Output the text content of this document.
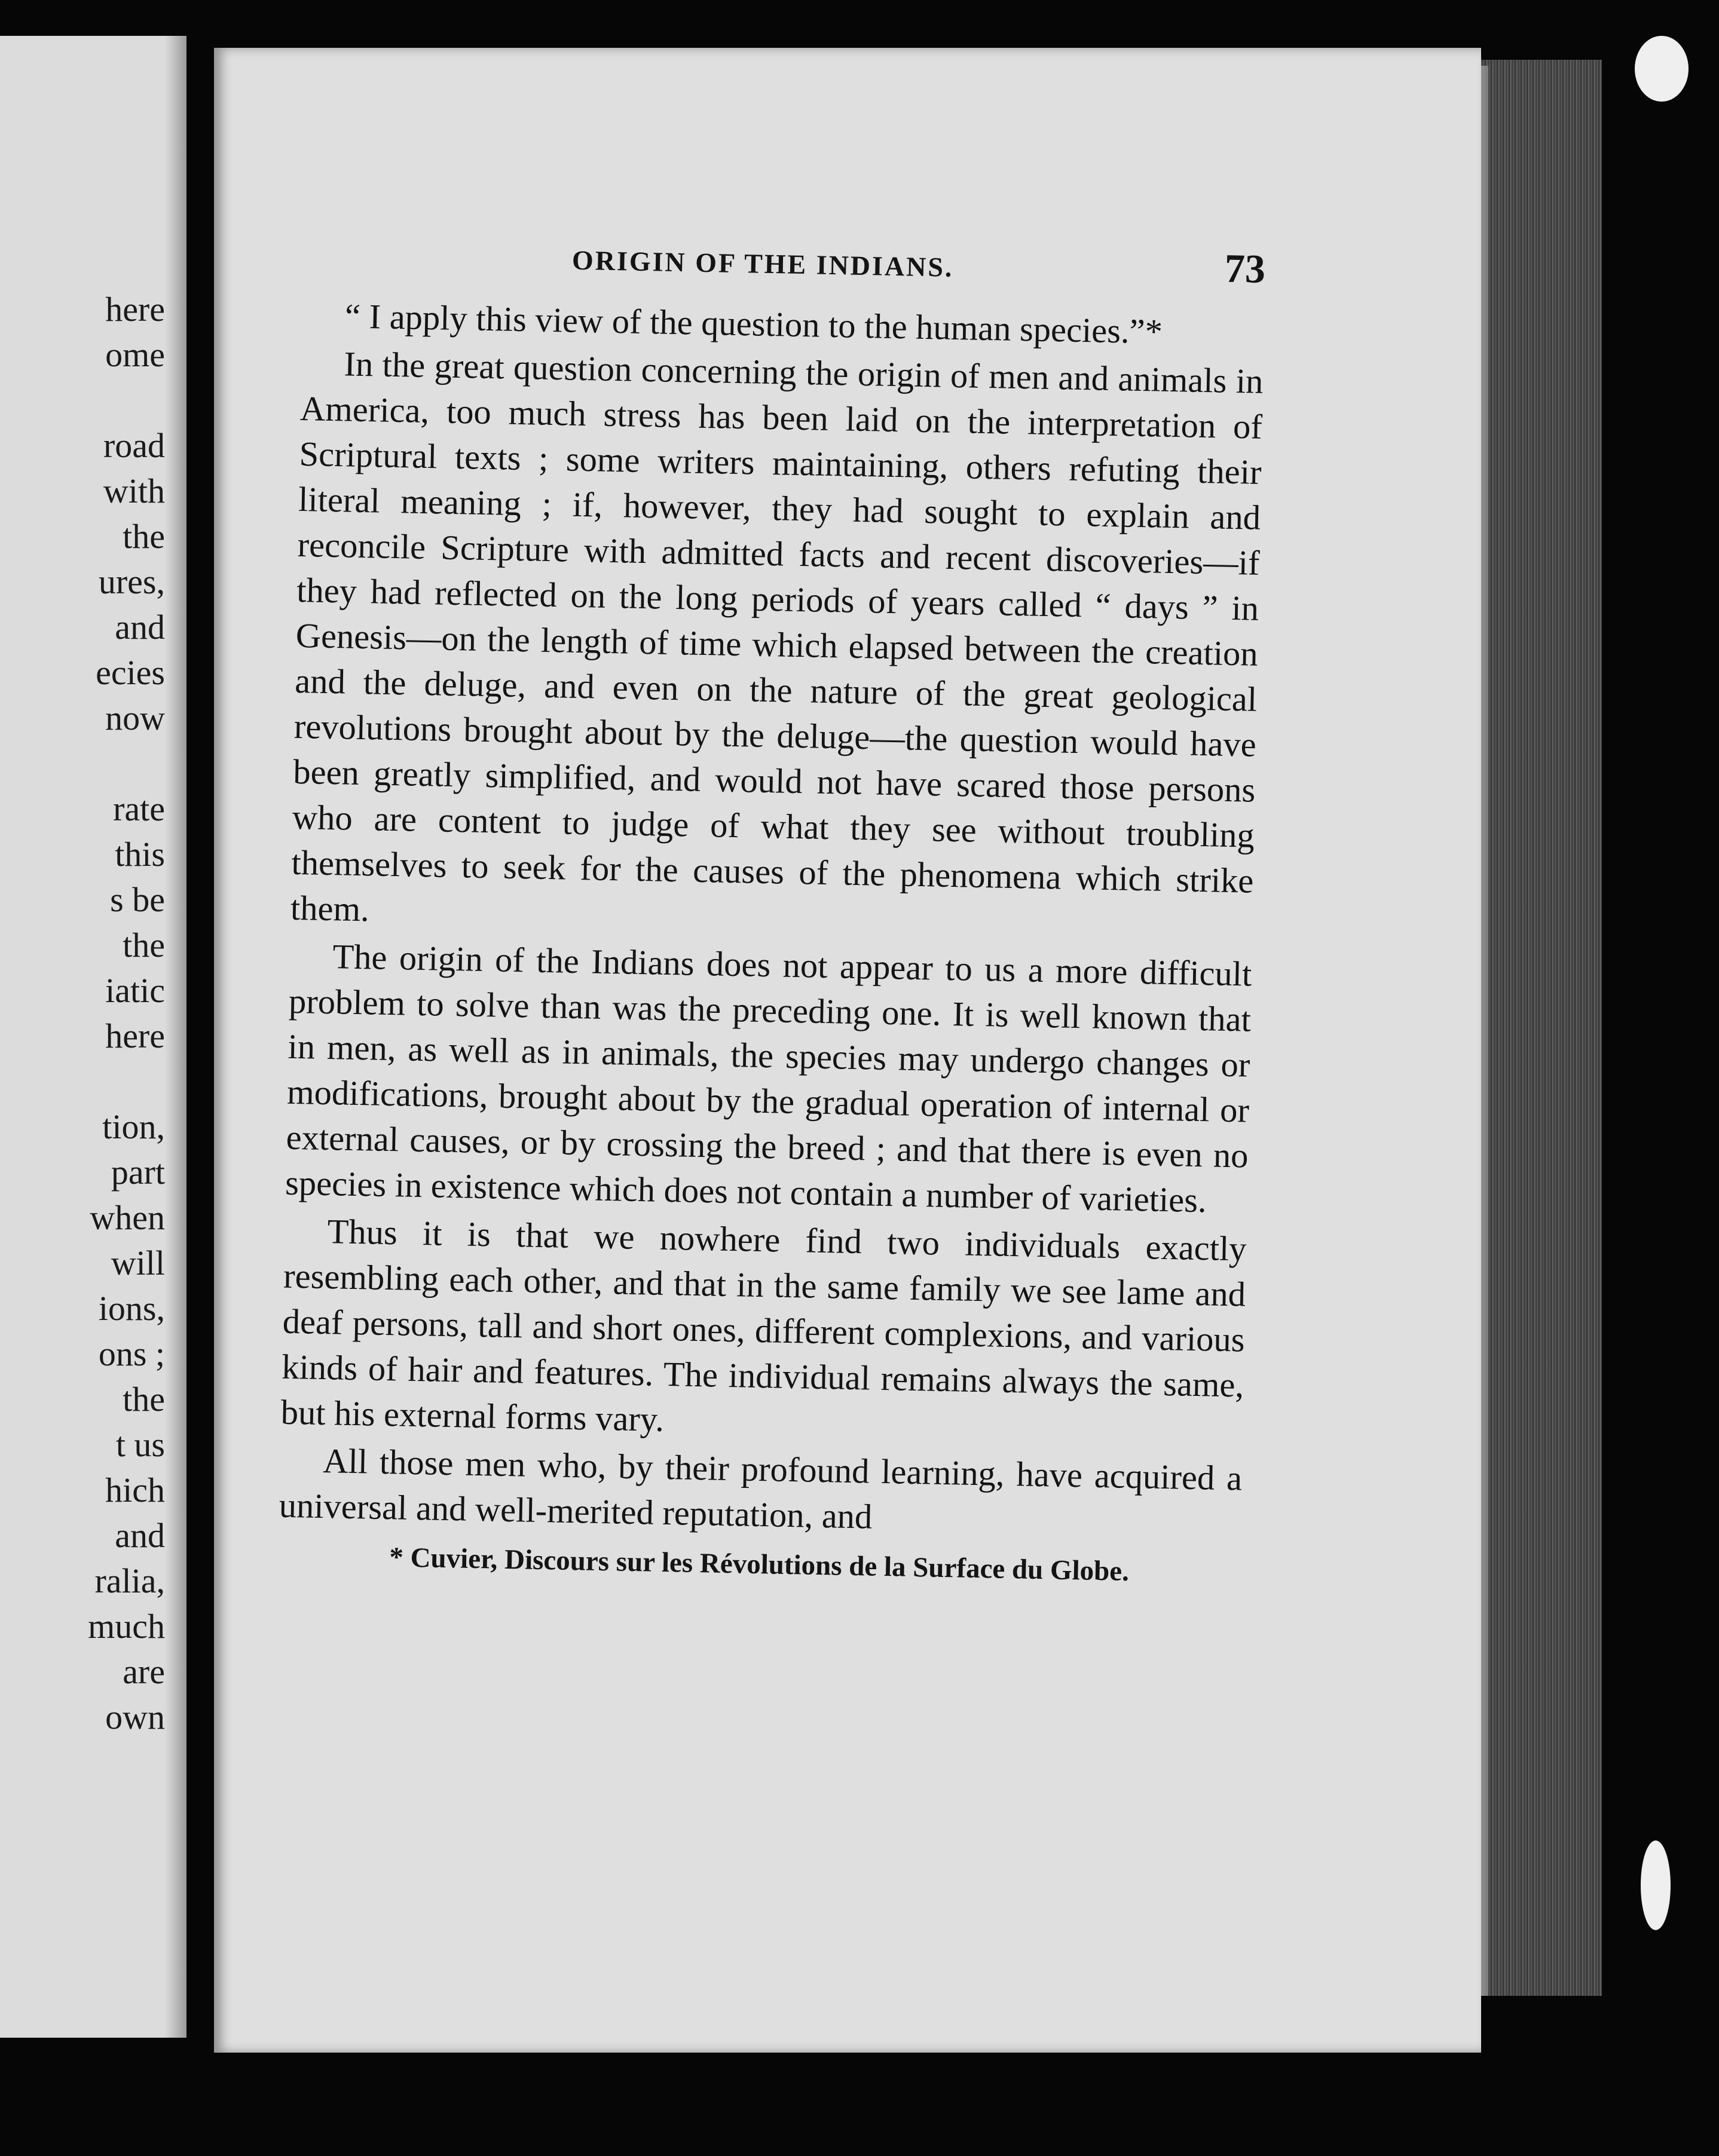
here
ome
road
with
the
ures,
and
ecies
now
rate
this
s be
the
iatic
here
tion,
part
when
will
ions,
ons ;
the
t us
hich
and
ralia,
much
are
own
ORIGIN OF THE INDIANS.	73

“ I apply this view of the question to the human species.”*

In the great question concerning the origin of men and animals in America, too much stress has been laid on the interpretation of Scriptural texts ; some writers maintaining, others refuting their literal meaning ; if, however, they had sought to explain and reconcile Scripture with admitted facts and recent discoveries—if they had reflected on the long periods of years called “ days ” in Genesis—on the length of time which elapsed between the creation and the deluge, and even on the nature of the great geological revolutions brought about by the deluge—the question would have been greatly simplified, and would not have scared those persons who are content to judge of what they see without troubling themselves to seek for the causes of the phenomena which strike them.

The origin of the Indians does not appear to us a more difficult problem to solve than was the preceding one. It is well known that in men, as well as in animals, the species may undergo changes or modifications, brought about by the gradual operation of internal or external causes, or by crossing the breed ; and that there is even no species in existence which does not contain a number of varieties.

Thus it is that we nowhere find two individuals exactly resembling each other, and that in the same family we see lame and deaf persons, tall and short ones, different complexions, and various kinds of hair and features. The individual remains always the same, but his external forms vary.

All those men who, by their profound learning, have acquired a universal and well-merited reputation, and

* Cuvier, Discours sur les Révolutions de la Surface du Globe.
